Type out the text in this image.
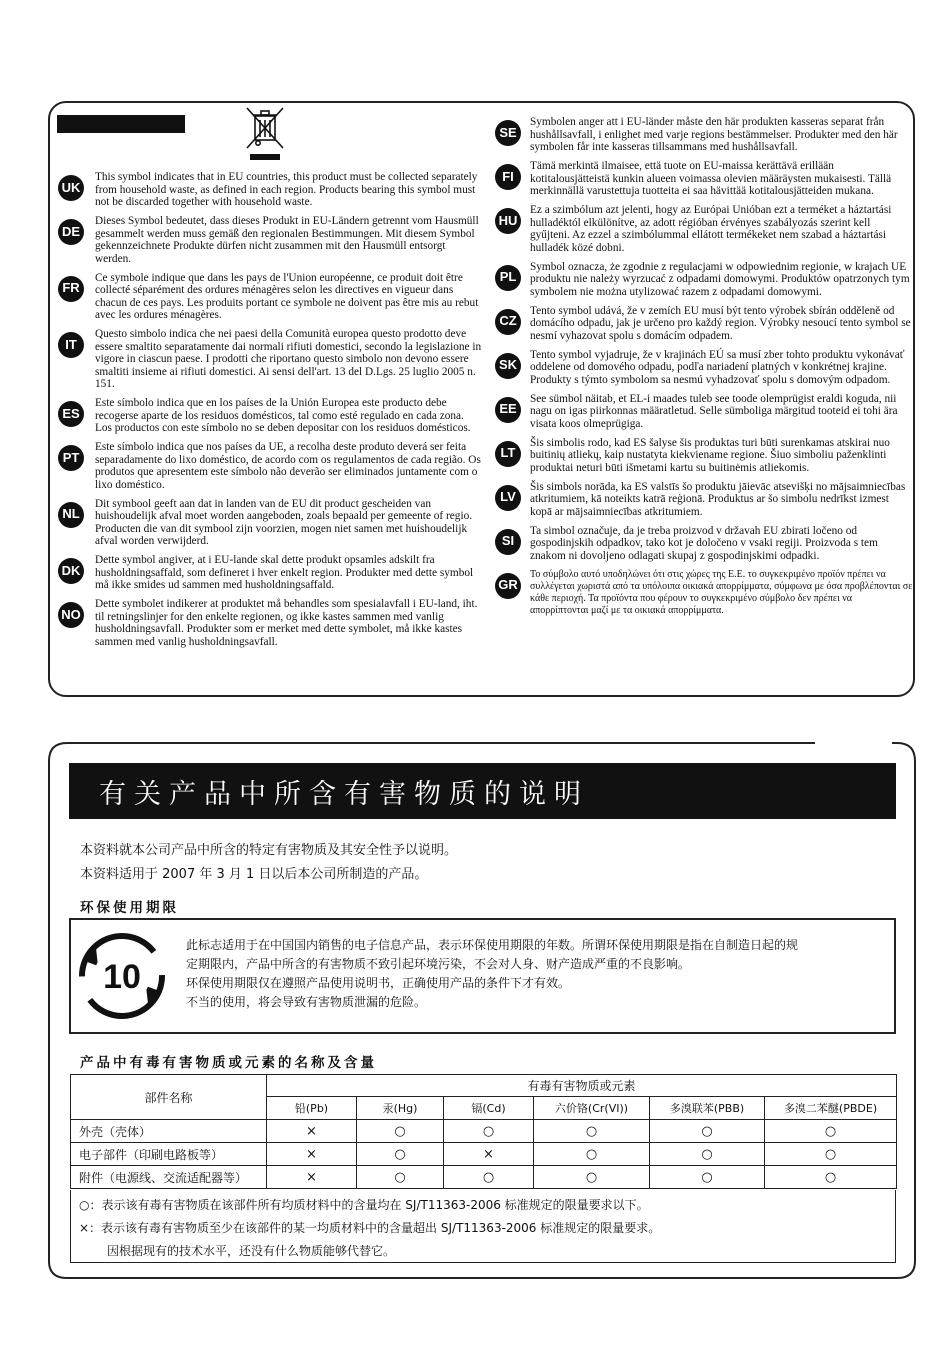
UK
This symbol indicates that in EU countries, this product must be collected separately from household waste, as defined in each region. Products bearing this symbol must not be discarded together with household waste.
DE
Dieses Symbol bedeutet, dass dieses Produkt in EU-Ländern getrennt vom Hausmüll gesammelt werden muss gemäß den regionalen Bestimmungen. Mit diesem Symbol gekennzeichnete Produkte dürfen nicht zusammen mit den Hausmüll entsorgt werden.
FR
Ce symbole indique que dans les pays de l'Union européenne, ce produit doit être collecté séparément des ordures ménagères selon les directives en vigueur dans chacun de ces pays. Les produits portant ce symbole ne doivent pas être mis au rebut avec les ordures ménagères.
IT
Questo simbolo indica che nei paesi della Comunità europea questo prodotto deve essere smaltito separatamente dai normali rifiuti domestici, secondo la legislazione in vigore in ciascun paese. I prodotti che riportano questo simbolo non devono essere smaltiti insieme ai rifiuti domestici. Ai sensi dell'art. 13 del D.Lgs. 25 luglio 2005 n. 151.
ES
Este símbolo indica que en los países de la Unión Europea este producto debe recogerse aparte de los residuos domésticos, tal como esté regulado en cada zona. Los productos con este símbolo no se deben depositar con los residuos domésticos.
PT
Este símbolo indica que nos países da UE, a recolha deste produto deverá ser feita separadamente do lixo doméstico, de acordo com os regulamentos de cada região. Os produtos que apresentem este símbolo não deverão ser eliminados juntamente com o lixo doméstico.
NL
Dit symbool geeft aan dat in landen van de EU dit product gescheiden van huishoudelijk afval moet worden aangeboden, zoals bepaald per gemeente of regio. Producten die van dit symbool zijn voorzien, mogen niet samen met huishoudelijk afval worden verwijderd.
DK
Dette symbol angiver, at i EU-lande skal dette produkt opsamles adskilt fra husholdningsaffald, som defineret i hver enkelt region. Produkter med dette symbol må ikke smides ud sammen med husholdningsaffald.
NO
Dette symbolet indikerer at produktet må behandles som spesialavfall i EU-land, iht. til retningslinjer for den enkelte regionen, og ikke kastes sammen med vanlig husholdningsavfall. Produkter som er merket med dette symbolet, må ikke kastes sammen med vanlig husholdningsavfall.
SE
Symbolen anger att i EU-länder måste den här produkten kasseras separat från hushållsavfall, i enlighet med varje regions bestämmelser. Produkter med den här symbolen får inte kasseras tillsammans med hushållsavfall.
FI
Tämä merkintä ilmaisee, että tuote on EU-maissa kerättävä erillään kotitalousjätteistä kunkin alueen voimassa olevien määräysten mukaisesti. Tällä merkinnällä varustettuja tuotteita ei saa hävittää kotitalousjätteiden mukana.
HU
Ez a szimbólum azt jelenti, hogy az Európai Unióban ezt a terméket a háztartási hulladéktól elkülönítve, az adott régióban érvényes szabályozás szerint kell gyűjteni. Az ezzel a szimbólummal ellátott termékeket nem szabad a háztartási hulladék közé dobni.
PL
Symbol oznacza, że zgodnie z regulacjami w odpowiednim regionie, w krajach UE produktu nie należy wyrzucać z odpadami domowymi. Produktów opatrzonych tym symbolem nie można utylizować razem z odpadami domowymi.
CZ
Tento symbol udává, že v zemích EU musí být tento výrobek sbírán odděleně od domácího odpadu, jak je určeno pro každý region. Výrobky nesoucí tento symbol se nesmí vyhazovat spolu s domácím odpadem.
SK
Tento symbol vyjadruje, že v krajinách EÚ sa musí zber tohto produktu vykonávať oddelene od domového odpadu, podľa nariadení platných v konkrétnej krajine. Produkty s týmto symbolom sa nesmú vyhadzovať spolu s domovým odpadom.
EE
See sümbol näitab, et EL-i maades tuleb see toode olemprügist eraldi koguda, nii nagu on igas piirkonnas määratletud. Selle sümboliga märgitud tooteid ei tohi ära visata koos olmeprügiga.
LT
Šis simbolis rodo, kad ES šalyse šis produktas turi būti surenkamas atskirai nuo buitinių atliekų, kaip nustatyta kiekviename regione. Šiuo simboliu paženklinti produktai neturi būti išmetami kartu su buitinėmis atliekomis.
LV
Šis simbols norāda, ka ES valstīs šo produktu jāievāc atsevišķi no mājsaimniecības atkritumiem, kā noteikts katrā reģionā. Produktus ar šo simbolu nedrīkst izmest kopā ar mājsaimniecības atkritumiem.
SI
Ta simbol označuje, da je treba proizvod v državah EU zbirati ločeno od gospodinjskih odpadkov, tako kot je določeno v vsaki regiji. Proizvoda s tem znakom ni dovoljeno odlagati skupaj z gospodinjskimi odpadki.
GR
Το σύμβολο αυτό υποδηλώνει ότι στις χώρες της Ε.Ε. το συγκεκριμένο προϊόν πρέπει να συλλέγεται χωριστά από τα υπόλοιπα οικιακά απορρίμματα, σύμφωνα με όσα προβλέπονται σε κάθε περιοχή. Τα προϊόντα που φέρουν το συγκεκριμένο σύμβολο δεν πρέπει να απορρίπτονται μαζί με τα οικιακά απορρίμματα.
有关产品中所含有害物质的说明
本资料就本公司产品中所含的特定有害物质及其安全性予以说明。
本资料适用于 2007 年 3 月 1 日以后本公司所制造的产品。
环保使用期限
10
此标志适用于在中国国内销售的电子信息产品，表示环保使用期限的年数。所谓环保使用期限是指在自制造日起的规
定期限内，产品中所含的有害物质不致引起环境污染，不会对人身、财产造成严重的不良影响。
环保使用期限仅在遵照产品使用说明书，正确使用产品的条件下才有效。
不当的使用，将会导致有害物质泄漏的危险。
产品中有毒有害物质或元素的名称及含量
部件名称	有毒有害物质或元素					
	铅(Pb)	汞(Hg)	镉(Cd)	六价铬(Cr(VI))	多溴联苯(PBB)	多溴二苯醚(PBDE)
外壳（壳体）	×	○	○	○	○	○
电子部件（印刷电路板等）	×	○	×	○	○	○
附件（电源线、交流适配器等）	×	○	○	○	○	○
○：表示该有毒有害物质在该部件所有均质材料中的含量均在 SJ/T11363-2006 标准规定的限量要求以下。
×：表示该有毒有害物质至少在该部件的某一均质材料中的含量超出 SJ/T11363-2006 标准规定的限量要求。
因根据现有的技术水平，还没有什么物质能够代替它。
